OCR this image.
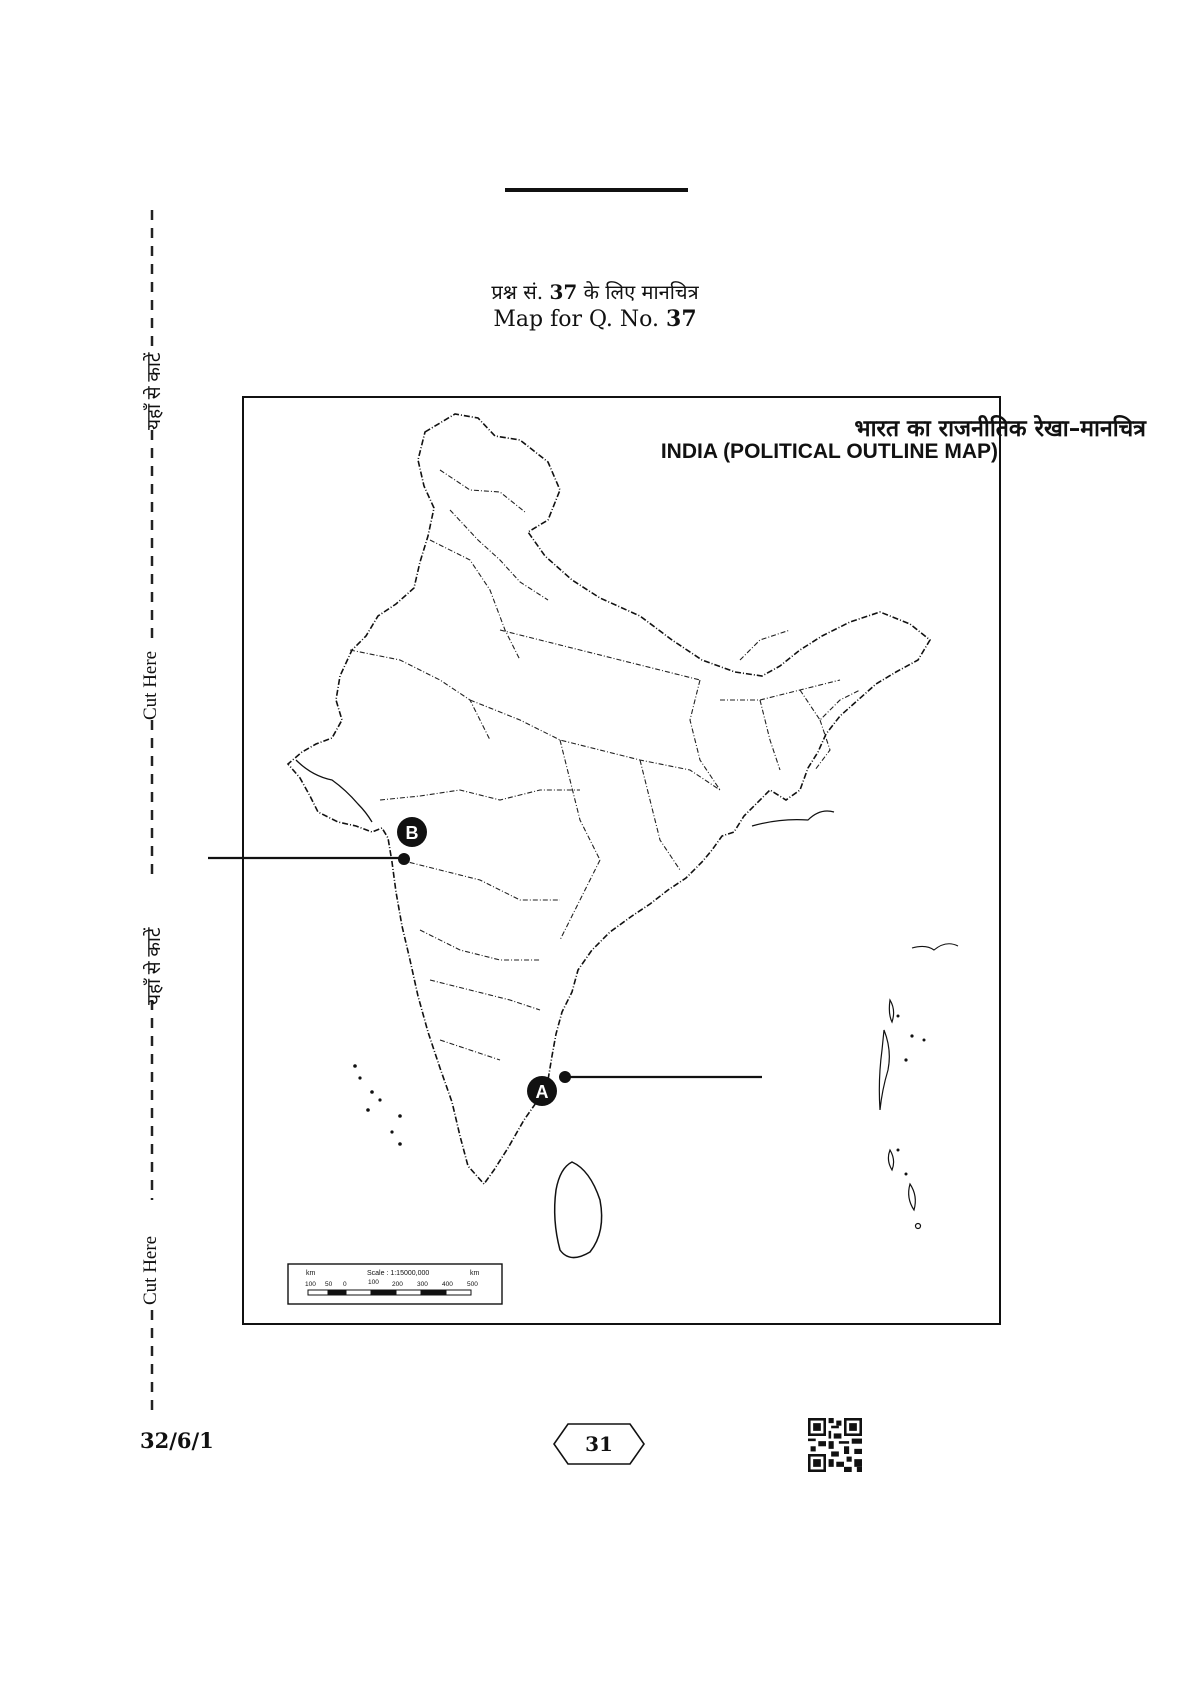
प्रश्न सं. 37 के लिए मानचित्र
Map for Q. No. 37
यहाँ से काटें
Cut Here
यहाँ से काटें
Cut Here
भारत का राजनीतिक रेखा–मानचित्र
INDIA (POLITICAL OUTLINE MAP)
B
A
km	Scale : 1:15000,000	km
100 50 0	100 200 300 400 500
32/6/1	31
